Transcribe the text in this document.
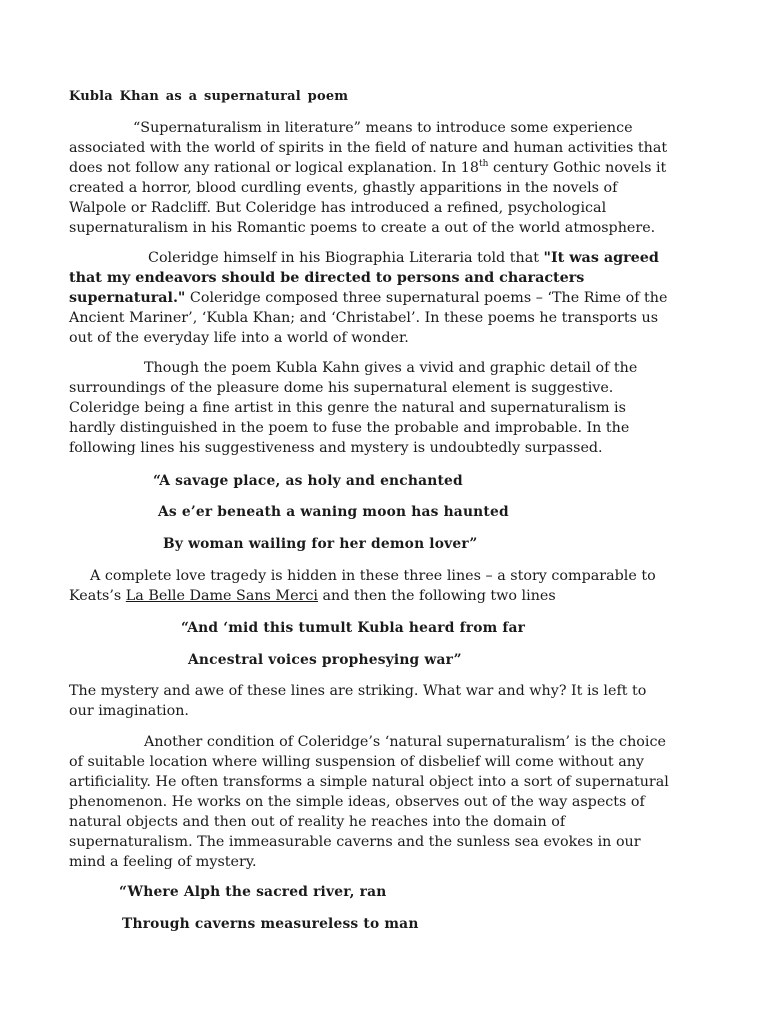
Kubla Khan as a supernatural poem
“Supernaturalism in literature” means to introduce some experience
associated with the world of spirits in the field of nature and human activities that
does not follow any rational or logical explanation. In 18th century Gothic novels it
created a horror, blood curdling events, ghastly apparitions in the novels of
Walpole or Radcliff. But Coleridge has introduced a refined, psychological
supernaturalism in his Romantic poems to create a out of the world atmosphere.
Coleridge himself in his Biographia Literaria told that "It was agreed
that my endeavors should be directed to persons and characters
supernatural." Coleridge composed three supernatural poems – ‘The Rime of the
Ancient Mariner’, ‘Kubla Khan; and ‘Christabel’. In these poems he transports us
out of the everyday life into a world of wonder.
Though the poem Kubla Kahn gives a vivid and graphic detail of the
surroundings of the pleasure dome his supernatural element is suggestive.
Coleridge being a fine artist in this genre the natural and supernaturalism is
hardly distinguished in the poem to fuse the probable and improbable. In the
following lines his suggestiveness and mystery is undoubtedly surpassed.
“A savage place, as holy and enchanted
As e’er beneath a waning moon has haunted
By woman wailing for her demon lover”
A complete love tragedy is hidden in these three lines – a story comparable to
Keats’s La Belle Dame Sans Merci and then the following two lines
“And ‘mid this tumult Kubla heard from far
Ancestral voices prophesying war”
The mystery and awe of these lines are striking. What war and why? It is left to
our imagination.
Another condition of Coleridge’s ‘natural supernaturalism’ is the choice
of suitable location where willing suspension of disbelief will come without any
artificiality. He often transforms a simple natural object into a sort of supernatural
phenomenon. He works on the simple ideas, observes out of the way aspects of
natural objects and then out of reality he reaches into the domain of
supernaturalism. The immeasurable caverns and the sunless sea evokes in our
mind a feeling of mystery.
“Where Alph the sacred river, ran
Through caverns measureless to man
